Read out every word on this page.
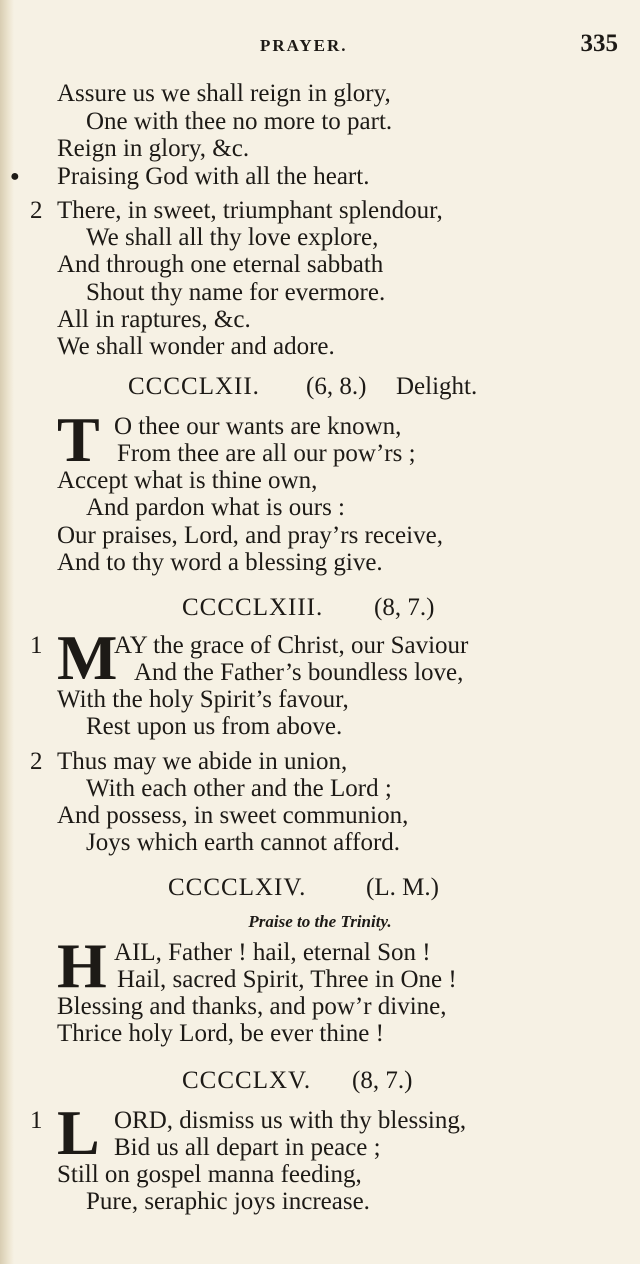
PRAYER.	335
Assure us we shall reign in glory,
One with thee no more to part.
Reign in glory, &c.
● Praising God with all the heart.
2 There, in sweet, triumphant splendour,
We shall all thy love explore,
And through one eternal sabbath
Shout thy name for evermore.
All in raptures, &c.
We shall wonder and adore.
CCCCLXII. (6, 8.) Delight.
T O thee our wants are known,
From thee are all our pow’rs ;
Accept what is thine own,
And pardon what is ours :
Our praises, Lord, and pray’rs receive,
And to thy word a blessing give.
CCCCLXIII. (8, 7.)
1 M
AY the grace of Christ, our Saviour
And the Father’s boundless love,
With the holy Spirit’s favour,
Rest upon us from above.
2 Thus may we abide in union,
With each other and the Lord ;
And possess, in sweet communion,
Joys which earth cannot afford.
CCCCLXIV. (L. M.)
Praise to the Trinity.
H AIL, Father ! hail, eternal Son !
Hail, sacred Spirit, Three in One !
Blessing and thanks, and pow’r divine,
Thrice holy Lord, be ever thine !
CCCCLXV. (8, 7.)
1 L ORD, dismiss us with thy blessing,
Bid us all depart in peace ;
Still on gospel manna feeding,
Pure, seraphic joys increase.
